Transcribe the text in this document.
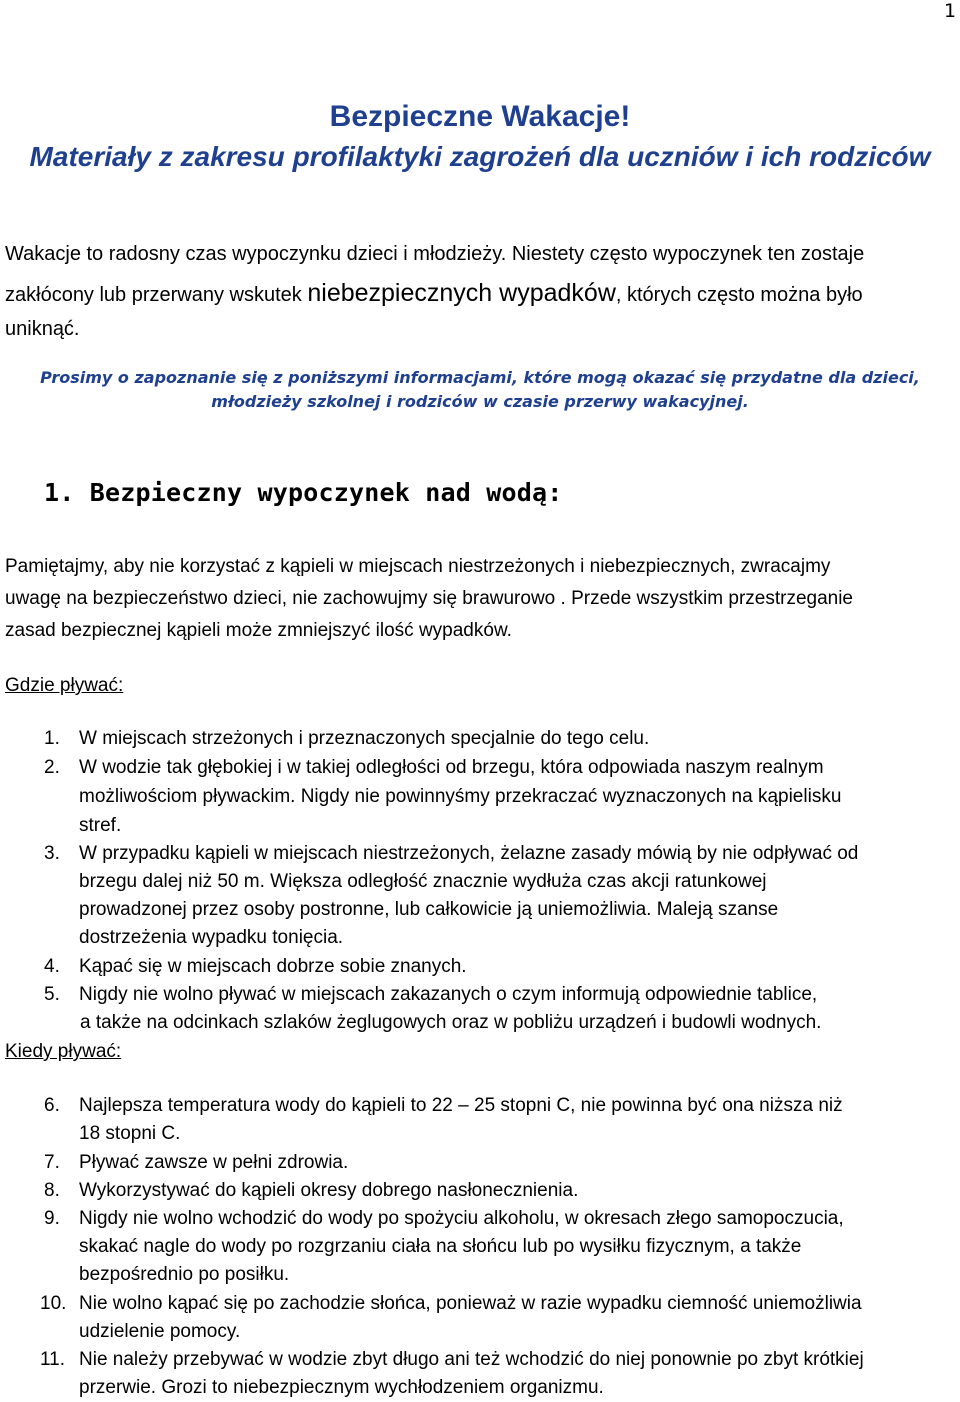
1
Bezpieczne Wakacje!
Materiały z zakresu profilaktyki zagrożeń dla uczniów i ich rodziców
Wakacje to radosny czas wypoczynku dzieci i młodzieży. Niestety często wypoczynek ten zostaje
zakłócony lub przerwany wskutek niebezpiecznych wypadków, których często można było
uniknąć.
Prosimy o zapoznanie się z poniższymi informacjami, które mogą okazać się przydatne dla dzieci,
młodzieży szkolnej i rodziców w czasie przerwy wakacyjnej.
1. Bezpieczny wypoczynek nad wodą:
Pamiętajmy, aby nie korzystać z kąpieli w miejscach niestrzeżonych i niebezpiecznych, zwracajmy
uwagę na bezpieczeństwo dzieci, nie zachowujmy się brawurowo . Przede wszystkim przestrzeganie
zasad bezpiecznej kąpieli może zmniejszyć ilość wypadków.
Gdzie pływać:
1. W miejscach strzeżonych i przeznaczonych specjalnie do tego celu.
2. W wodzie tak głębokiej i w takiej odległości od brzegu, która odpowiada naszym realnym
możliwościom pływackim. Nigdy nie powinnyśmy przekraczać wyznaczonych na kąpielisku
stref.
3. W przypadku kąpieli w miejscach niestrzeżonych, żelazne zasady mówią by nie odpływać od
brzegu dalej niż 50 m. Większa odległość znacznie wydłuża czas akcji ratunkowej
prowadzonej przez osoby postronne, lub całkowicie ją uniemożliwia. Maleją szanse
dostrzeżenia wypadku tonięcia.
4. Kąpać się w miejscach dobrze sobie znanych.
5. Nigdy nie wolno pływać w miejscach zakazanych o czym informują odpowiednie tablice,
a także na odcinkach szlaków żeglugowych oraz w pobliżu urządzeń i budowli wodnych.
Kiedy pływać:
6. Najlepsza temperatura wody do kąpieli to 22 – 25 stopni C, nie powinna być ona niższa niż
18 stopni C.
7. Pływać zawsze w pełni zdrowia.
8. Wykorzystywać do kąpieli okresy dobrego nasłonecznienia.
9. Nigdy nie wolno wchodzić do wody po spożyciu alkoholu, w okresach złego samopoczucia,
skakać nagle do wody po rozgrzaniu ciała na słońcu lub po wysiłku fizycznym, a także
bezpośrednio po posiłku.
10. Nie wolno kąpać się po zachodzie słońca, ponieważ w razie wypadku ciemność uniemożliwia
udzielenie pomocy.
11. Nie należy przebywać w wodzie zbyt długo ani też wchodzić do niej ponownie po zbyt krótkiej
przerwie. Grozi to niebezpiecznym wychłodzeniem organizmu.
